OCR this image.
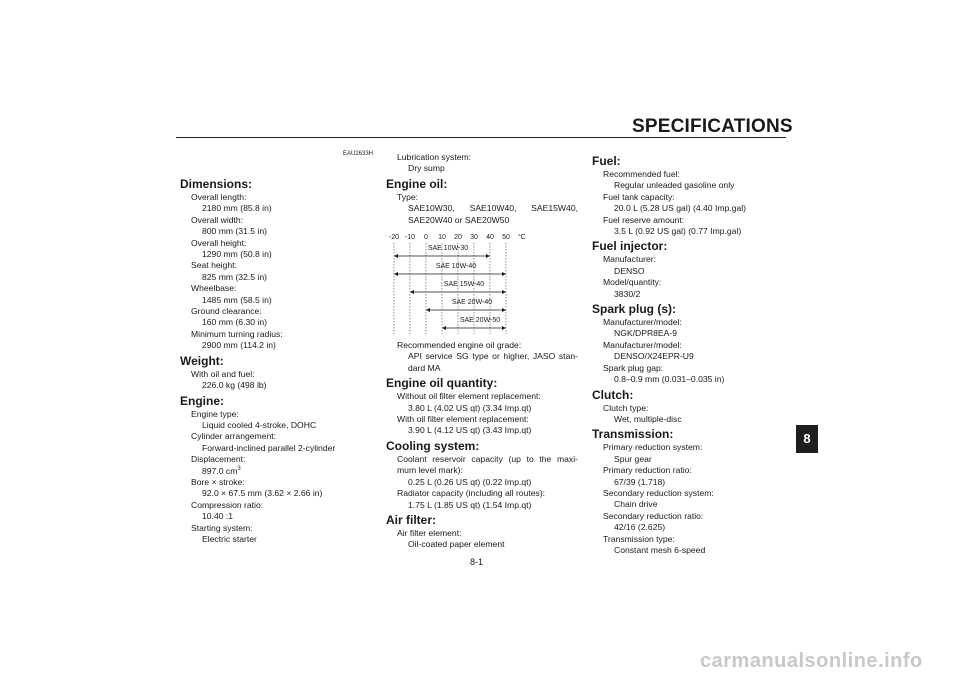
SPECIFICATIONS
EAU2633H
Dimensions:
Overall length:
2180 mm (85.8 in)
Overall width:
800 mm (31.5 in)
Overall height:
1290 mm (50.8 in)
Seat height:
825 mm (32.5 in)
Wheelbase:
1485 mm (58.5 in)
Ground clearance:
160 mm (6.30 in)
Minimum turning radius:
2900 mm (114.2 in)
Weight:
With oil and fuel:
226.0 kg (498 lb)
Engine:
Engine type:
Liquid cooled 4-stroke, DOHC
Cylinder arrangement:
Forward-inclined parallel 2-cylinder
Displacement:
897.0 $cm^3$
Bore × stroke:
92.0 × 67.5 mm (3.62 × 2.66 in)
Compression ratio:
10.40 :1
Starting system:
Electric starter
Lubrication system:
Dry sump
Engine oil:
Type:
SAE10W30, SAE10W40, SAE15W40,
SAE20W40 or SAE20W50
-20 -10 0 10 20 30 40 50 °C
SAE 10W-30
SAE 10W-40
SAE 15W-40
SAE 20W-40
SAE 20W-50
Recommended engine oil grade:
API service SG type or higher, JASO stan-
dard MA
Engine oil quantity:
Without oil filter element replacement:
3.80 L (4.02 US qt) (3.34 Imp.qt)
With oil filter element replacement:
3.90 L (4.12 US qt) (3.43 Imp.qt)
Cooling system:
Coolant reservoir capacity (up to the maxi-
mum level mark):
0.25 L (0.26 US qt) (0.22 Imp.qt)
Radiator capacity (including all routes):
1.75 L (1.85 US qt) (1.54 Imp.qt)
Air filter:
Air filter element:
Oil-coated paper element
Fuel:
Recommended fuel:
Regular unleaded gasoline only
Fuel tank capacity:
20.0 L (5.28 US gal) (4.40 Imp.gal)
Fuel reserve amount:
3.5 L (0.92 US gal) (0.77 Imp.gal)
Fuel injector:
Manufacturer:
DENSO
Model/quantity:
3830/2
Spark plug (s):
Manufacturer/model:
NGK/DPR8EA-9
Manufacturer/model:
DENSO/X24EPR-U9
Spark plug gap:
0.8–0.9 mm (0.031–0.035 in)
Clutch:
Clutch type:
Wet, multiple-disc
Transmission:
Primary reduction system:
Spur gear
Primary reduction ratio:
67/39 (1.718)
Secondary reduction system:
Chain drive
Secondary reduction ratio:
42/16 (2.625)
Transmission type:
Constant mesh 6-speed
8
8-1
carmanualsonline.info
